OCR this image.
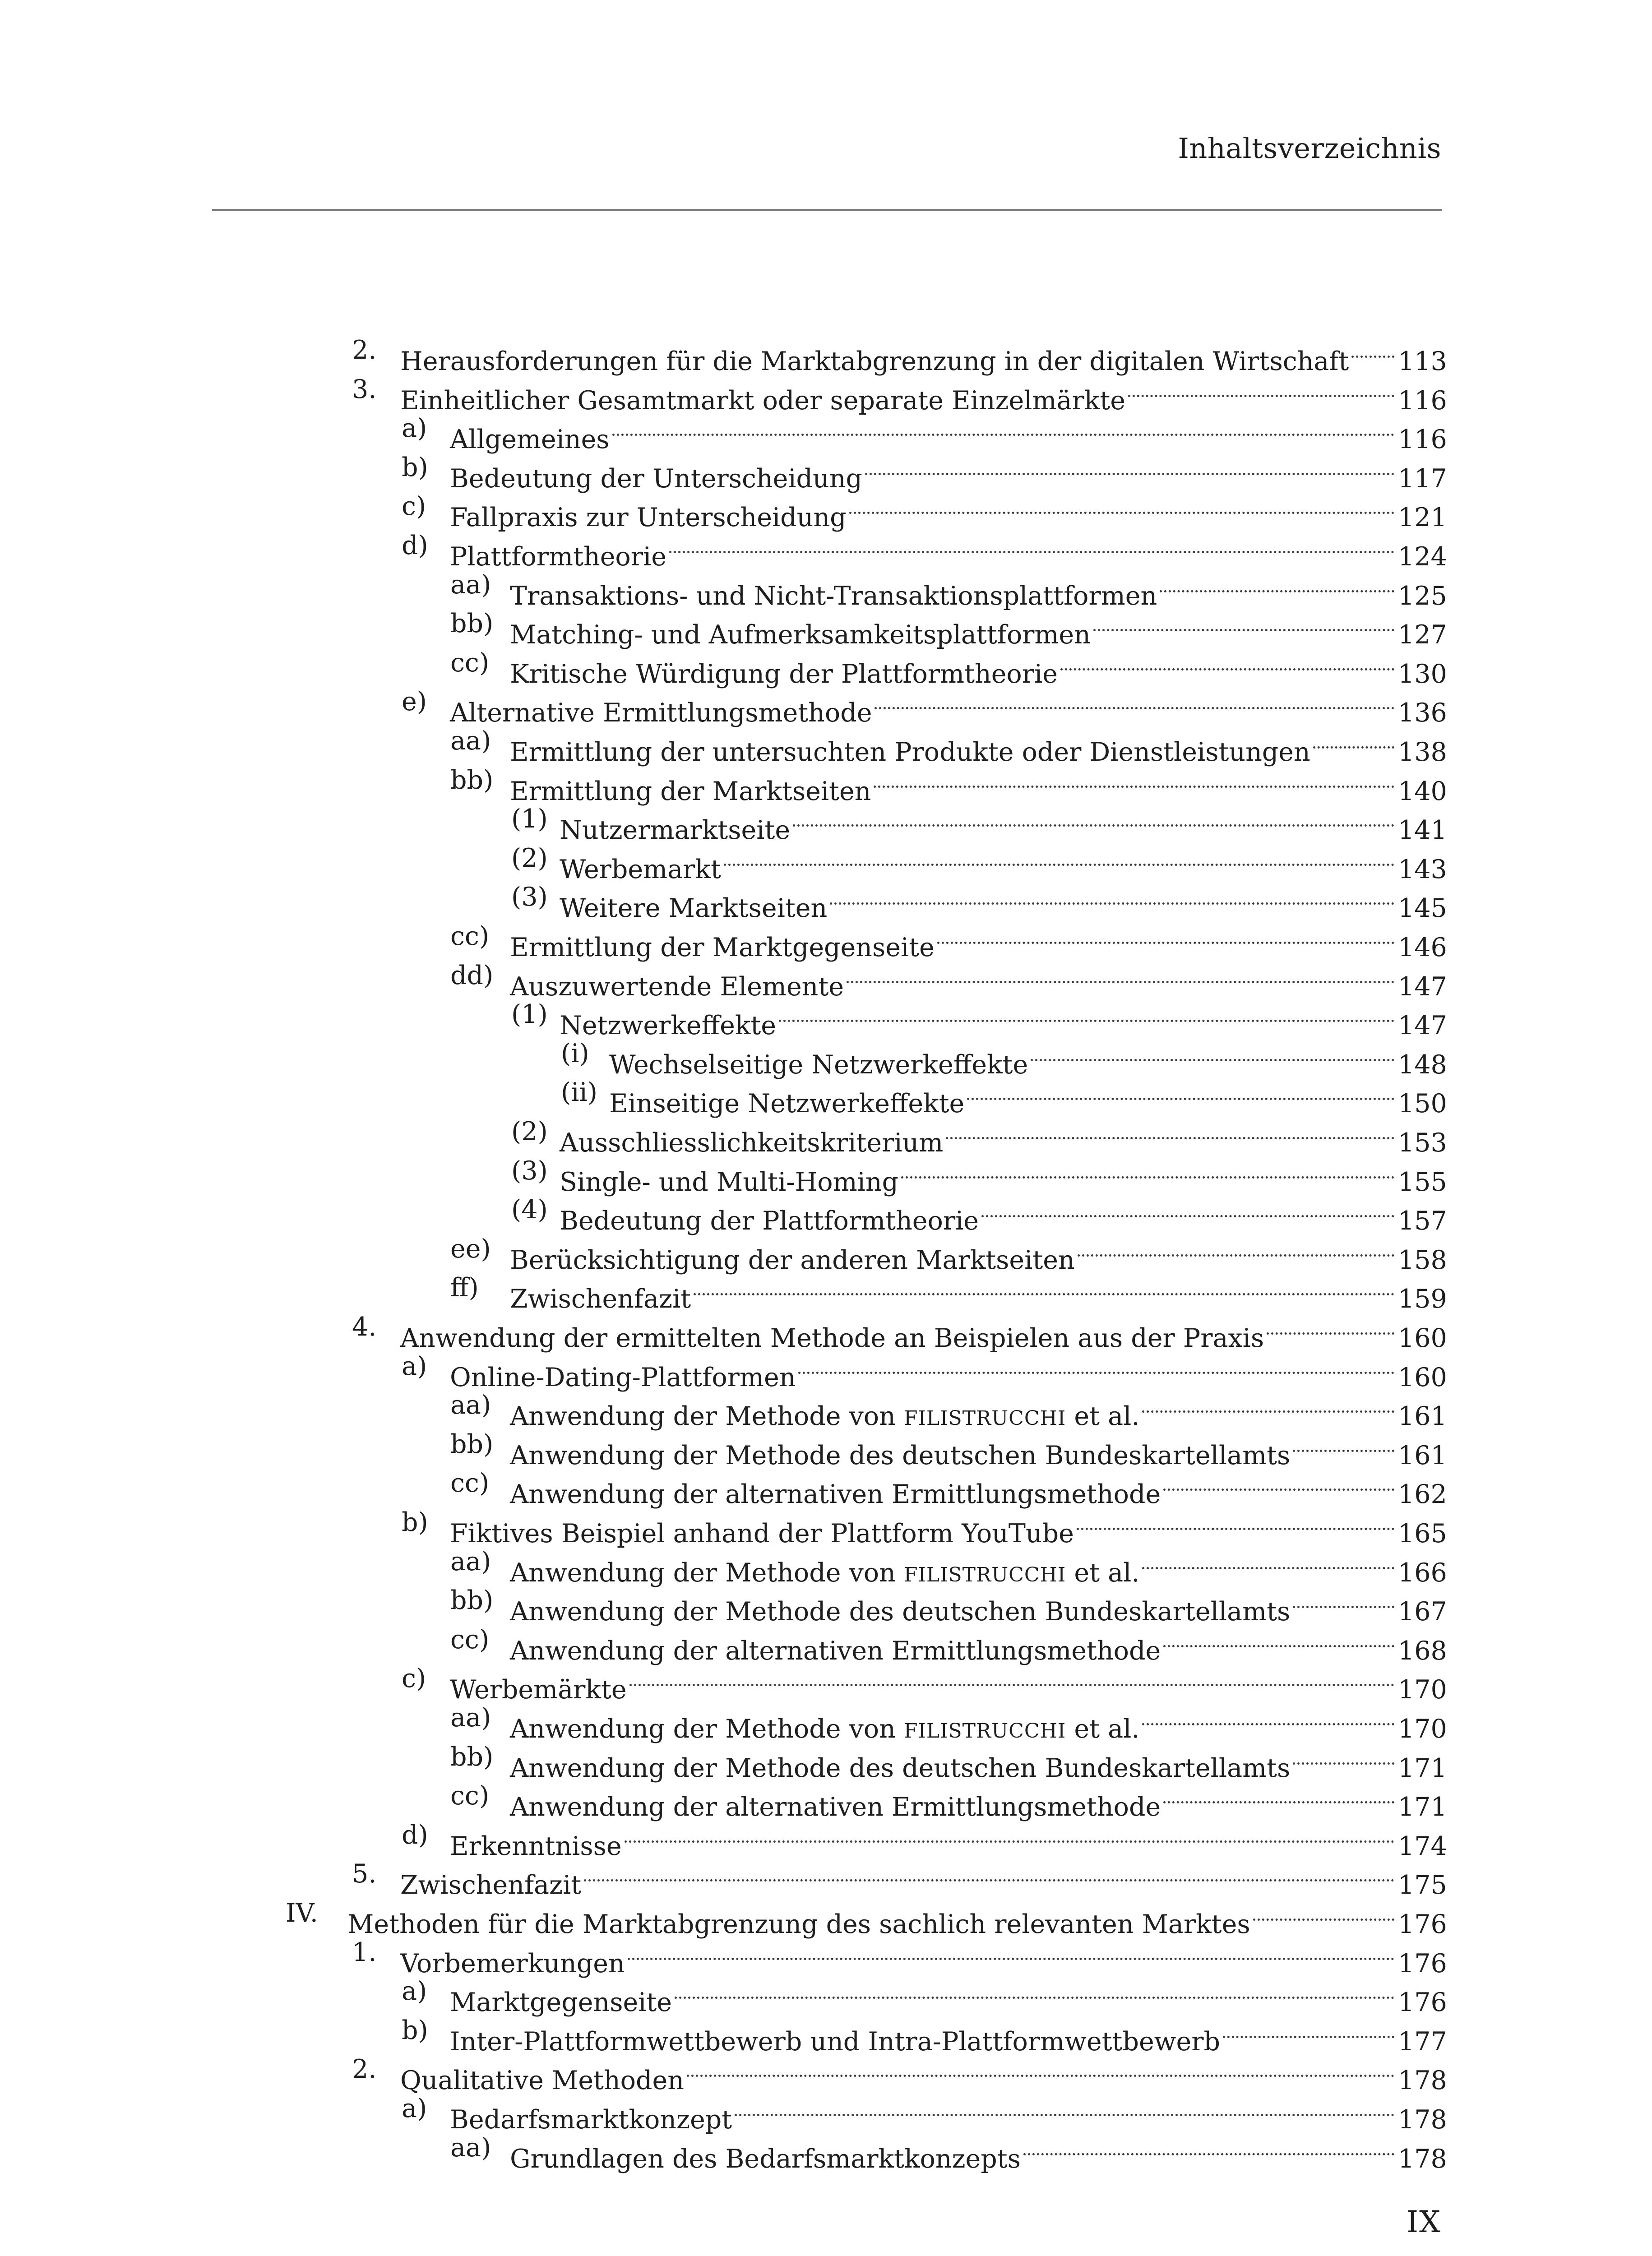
Inhaltsverzeichnis
2. Herausforderungen für die Marktabgrenzung in der digitalen Wirtschaft 113
3. Einheitlicher Gesamtmarkt oder separate Einzelmärkte	116
a) Allgemeines	116
b) Bedeutung der Unterscheidung	117
c) Fallpraxis zur Unterscheidung	121
d) Plattformtheorie	124
aa) Transaktions- und Nicht-Transaktionsplattformen	125
bb) Matching- und Aufmerksamkeitsplattformen	127
cc) Kritische Würdigung der Plattformtheorie	130
e) Alternative Ermittlungsmethode	136
aa) Ermittlung der untersuchten Produkte oder Dienstleistungen	138
bb) Ermittlung der Marktseiten	140
(1) Nutzermarktseite	141
(2) Werbemarkt	143
(3) Weitere Marktseiten	145
cc) Ermittlung der Marktgegenseite	146
dd) Auszuwertende Elemente	147
(1) Netzwerkeffekte	147
(i) Wechselseitige Netzwerkeffekte	148
(ii) Einseitige Netzwerkeffekte	150
(2) Ausschliesslichkeitskriterium	153
(3) Single- und Multi-Homing	155
(4) Bedeutung der Plattformtheorie	157
ee) Berücksichtigung der anderen Marktseiten	158
ff) Zwischenfazit	159
4. Anwendung der ermittelten Methode an Beispielen aus der Praxis	160
a) Online-Dating-Plattformen	160
aa) Anwendung der Methode von FILISTRUCCHI et al.	161
bb) Anwendung der Methode des deutschen Bundeskartellamts	161
cc) Anwendung der alternativen Ermittlungsmethode	162
b) Fiktives Beispiel anhand der Plattform YouTube	165
aa) Anwendung der Methode von FILISTRUCCHI et al.	166
bb) Anwendung der Methode des deutschen Bundeskartellamts	167
cc) Anwendung der alternativen Ermittlungsmethode	168
c) Werbemärkte	170
aa) Anwendung der Methode von FILISTRUCCHI et al.	170
bb) Anwendung der Methode des deutschen Bundeskartellamts	171
cc) Anwendung der alternativen Ermittlungsmethode	171
d) Erkenntnisse	174
5. Zwischenfazit	175
IV. Methoden für die Marktabgrenzung des sachlich relevanten Marktes	176
1. Vorbemerkungen	176
a) Marktgegenseite	176
b) Inter-Plattformwettbewerb und Intra-Plattformwettbewerb	177
2. Qualitative Methoden	178
a) Bedarfsmarktkonzept	178
aa) Grundlagen des Bedarfsmarktkonzepts	178
IX
